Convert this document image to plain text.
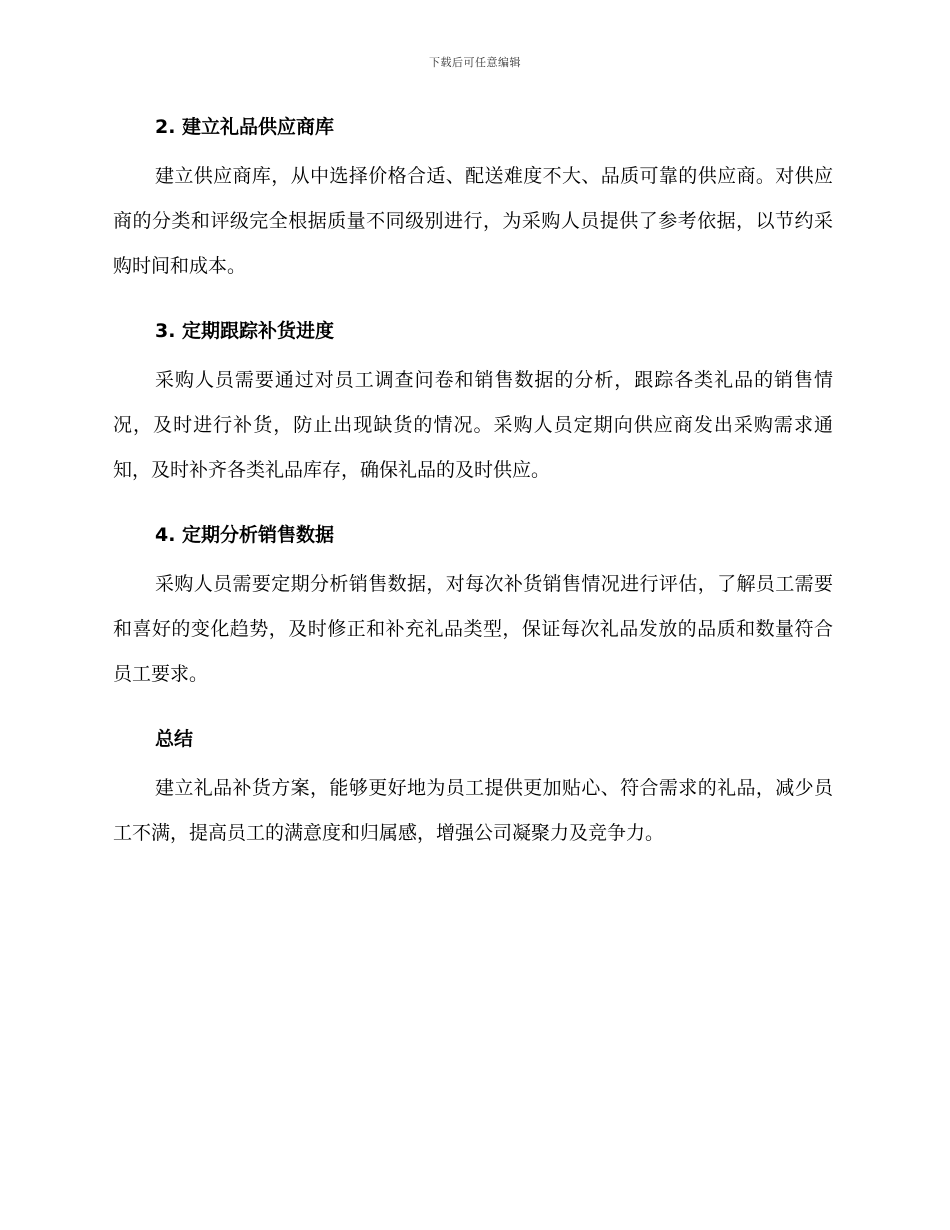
下载后可任意编辑
2. 建立礼品供应商库

建立供应商库，从中选择价格合适、配送难度不大、品质可靠的供应商。对供应商的分类和评级完全根据质量不同级别进行，为采购人员提供了参考依据，以节约采购时间和成本。

3. 定期跟踪补货进度

采购人员需要通过对员工调查问卷和销售数据的分析，跟踪各类礼品的销售情况，及时进行补货，防止出现缺货的情况。采购人员定期向供应商发出采购需求通知，及时补齐各类礼品库存，确保礼品的及时供应。

4. 定期分析销售数据

采购人员需要定期分析销售数据，对每次补货销售情况进行评估，了解员工需要和喜好的变化趋势，及时修正和补充礼品类型，保证每次礼品发放的品质和数量符合员工要求。

总结

建立礼品补货方案，能够更好地为员工提供更加贴心、符合需求的礼品，减少员工不满，提高员工的满意度和归属感，增强公司凝聚力及竞争力。
